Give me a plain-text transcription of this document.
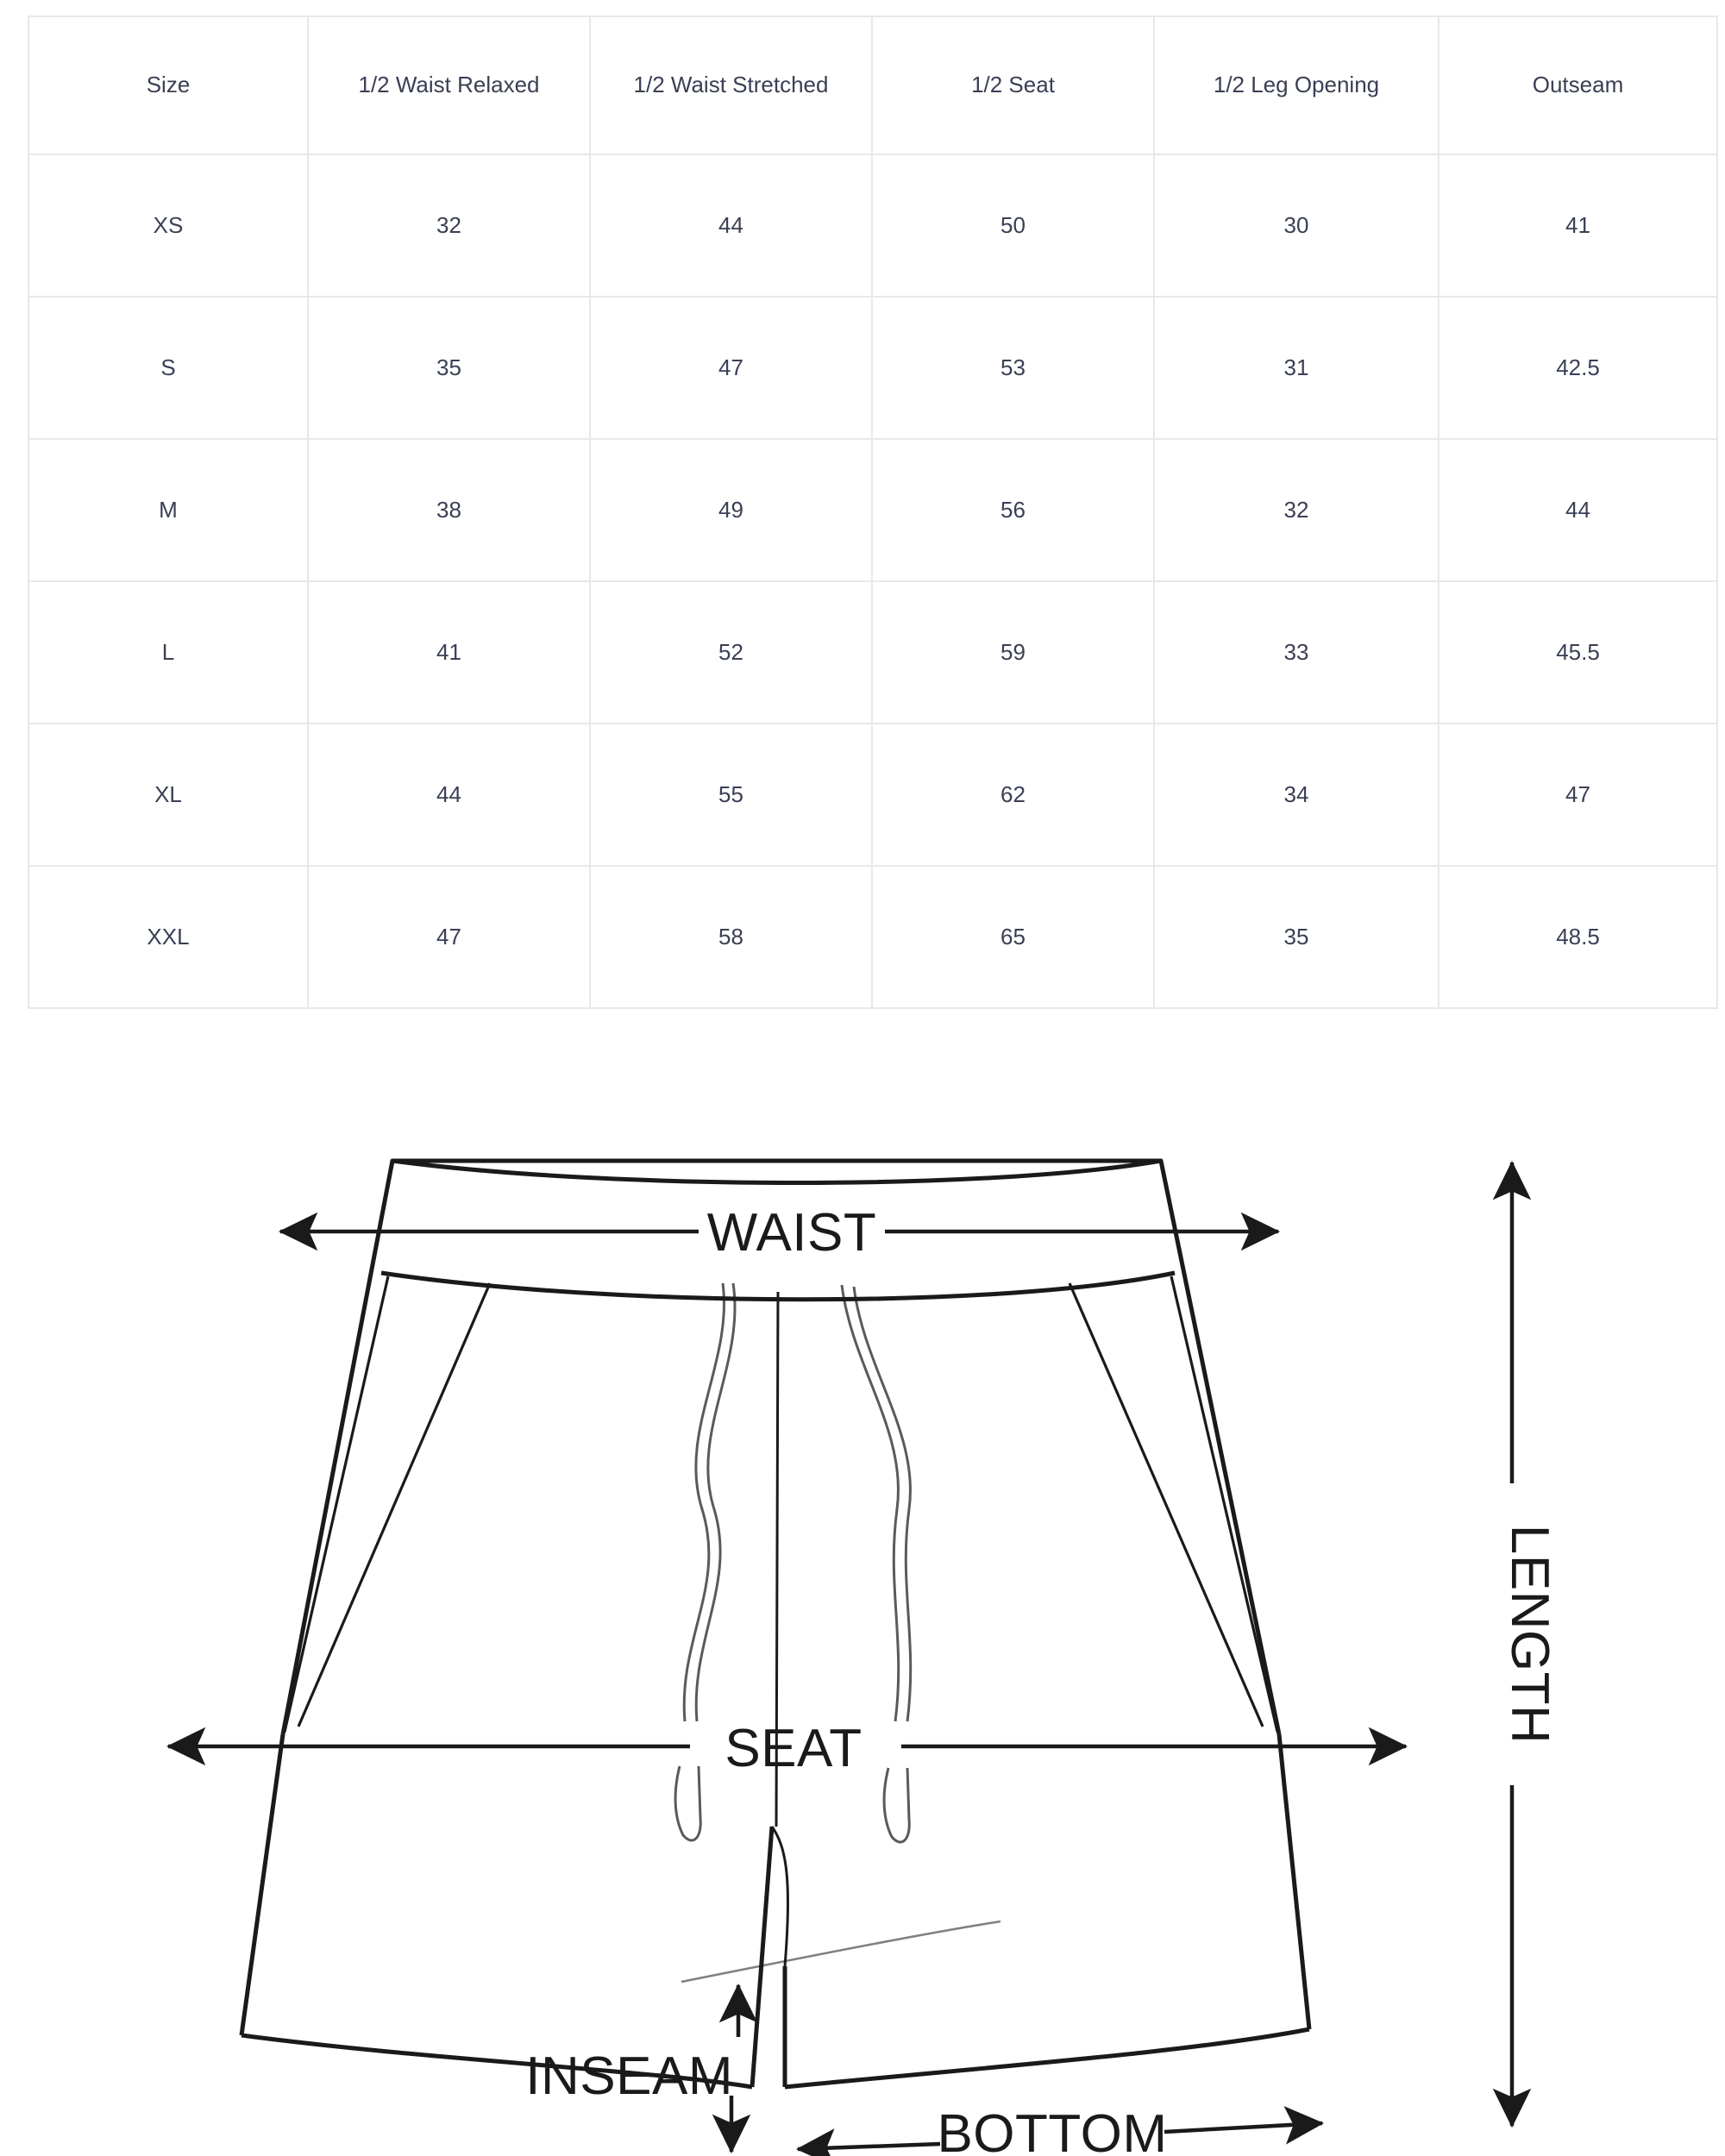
Size	1/2 Waist Relaxed	1/2 Waist Stretched	1/2 Seat	1/2 Leg Opening	Outseam
XS	32	44	50	30	41
S	35	47	53	31	42.5
M	38	49	56	32	44
L	41	52	59	33	45.5
XL	44	55	62	34	47
XXL	47	58	65	35	48.5
WAIST
SEAT
INSEAM
BOTTOM
LENGTH
